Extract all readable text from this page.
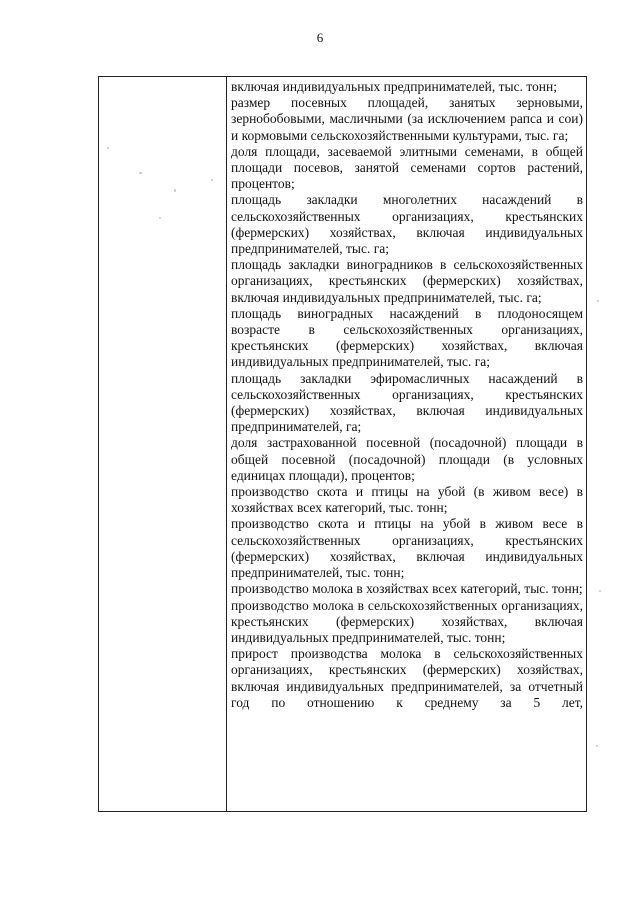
6

включая индивидуальных предпринимателей, тыс. тонн;

размер посевных площадей, занятых зерновыми, зернобобовыми, масличными (за исключением рапса и сои) и кормовыми сельскохозяйственными культурами, тыс. га;

доля площади, засеваемой элитными семенами, в общей площади посевов, занятой семенами сортов растений, процентов;

площадь закладки многолетних насаждений в сельскохозяйственных организациях, крестьянских (фермерских) хозяйствах, включая индивидуальных предпринимателей, тыс. га;

площадь закладки виноградников в сельскохозяйственных организациях, крестьянских (фермерских) хозяйствах, включая индивидуальных предпринимателей, тыс. га;

площадь виноградных насаждений в плодоносящем возрасте в сельскохозяйственных организациях, крестьянских (фермерских) хозяйствах, включая индивидуальных предпринимателей, тыс. га;

площадь закладки эфиромасличных насаждений в сельскохозяйственных организациях, крестьянских (фермерских) хозяйствах, включая индивидуальных предпринимателей, га;

доля застрахованной посевной (посадочной) площади в общей посевной (посадочной) площади (в условных единицах площади), процентов;

производство скота и птицы на убой (в живом весе) в хозяйствах всех категорий, тыс. тонн;

производство скота и птицы на убой в живом весе в сельскохозяйственных организациях, крестьянских (фермерских) хозяйствах, включая индивидуальных предпринимателей, тыс. тонн;

производство молока в хозяйствах всех категорий, тыс. тонн;

производство молока в сельскохозяйственных организациях, крестьянских (фермерских) хозяйствах, включая индивидуальных предпринимателей, тыс. тонн;

прирост производства молока в сельскохозяйственных организациях, крестьянских (фермерских) хозяйствах, включая индивидуальных предпринимателей, за отчетный год по отношению к среднему за 5 лет,
